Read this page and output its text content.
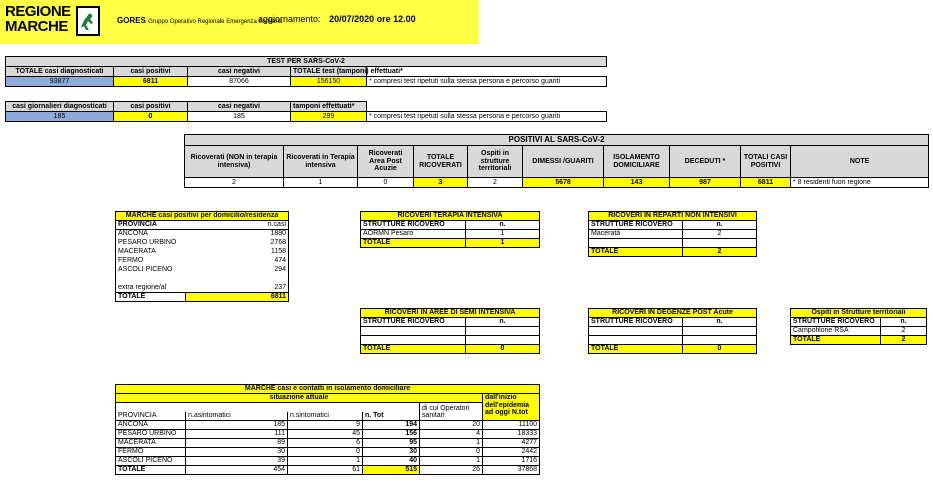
REGIONE
MARCHE	GORES Gruppo Operativo Regionale Emergenza Sanitaria
aggiornamento: 20/07/2020 ore 12.00
TEST PER SARS-CoV-2				
TOTALE casi diagnosticati	casi positivi	casi negativi	TOTALE test (tamponi) effettuati*	
93877	6811	87066	156150	* compresi test ripetuti sulla stessa persona e percorso guariti
casi giornalieri diagnosticati	casi positivi	casi negativi	tamponi effettuati*	
185	0	185	299	* compresi test ripetuti sulla stessa persona e percorso guariti
POSITIVI AL SARS-CoV-2									
Ricoverati (NON in terapia intensiva)	Ricoverati in Terapia intensiva	Ricoverati Area Post Acuzie	TOTALE RICOVERATI	Ospiti in strutture territoriali	DIMESSI /GUARITI	ISOLAMENTO DOMICILIARE	DECEDUTI *	TOTALI CASI POSITIVI	NOTE
2	1	0	3	2	5678	143	987	6811	* 8 residenti fuori regione
MARCHE casi positivi per domicilio/residenza	
PROVINCIA	n.casi
ANCONA	1880
PESARO URBINO	2768
MACERATA	1158
FERMO	474
ASCOLI PICENO	294

extra regione/al	237
TOTALE	6811
RICOVERI TERAPIA INTENSIVA	
STRUTTURE RICOVERO	n.
AORMN Pesaro	1
TOTALE	1
RICOVERI IN REPARTI NON INTENSIVI	
STRUTTURE RICOVERO	n.
Macerata	2

TOTALE	2
RICOVERI IN AREE DI SEMI INTENSIVA	
STRUTTURE RICOVERO	n.

TOTALE	0
RICOVERI IN DEGENZE POST Acute	
STRUTTURE RICOVERO	n.

TOTALE	0
Ospiti in Strutture territoriali	
STRUTTURE RICOVERO	n.
Campofilone RSA	2
TOTALE	2
MARCHE casi e contatti in isolamento domiciliare					
situazione attuale					dall'inizio dell'epidemia ad oggi N.tot
				di cui Operatori sanitari	
PROVINCIA	n.asintomatici	n.sintomatici	n. Tot		
ANCONA	185	9	194	20	11100
PESARO URBINO	111	45	156	4	18333
MACERATA	89	6	95	1	4277
FERMO	30	0	30	0	2442
ASCOLI PICENO	39	1	40	1	1716
TOTALE	454	61	515	26	37868
